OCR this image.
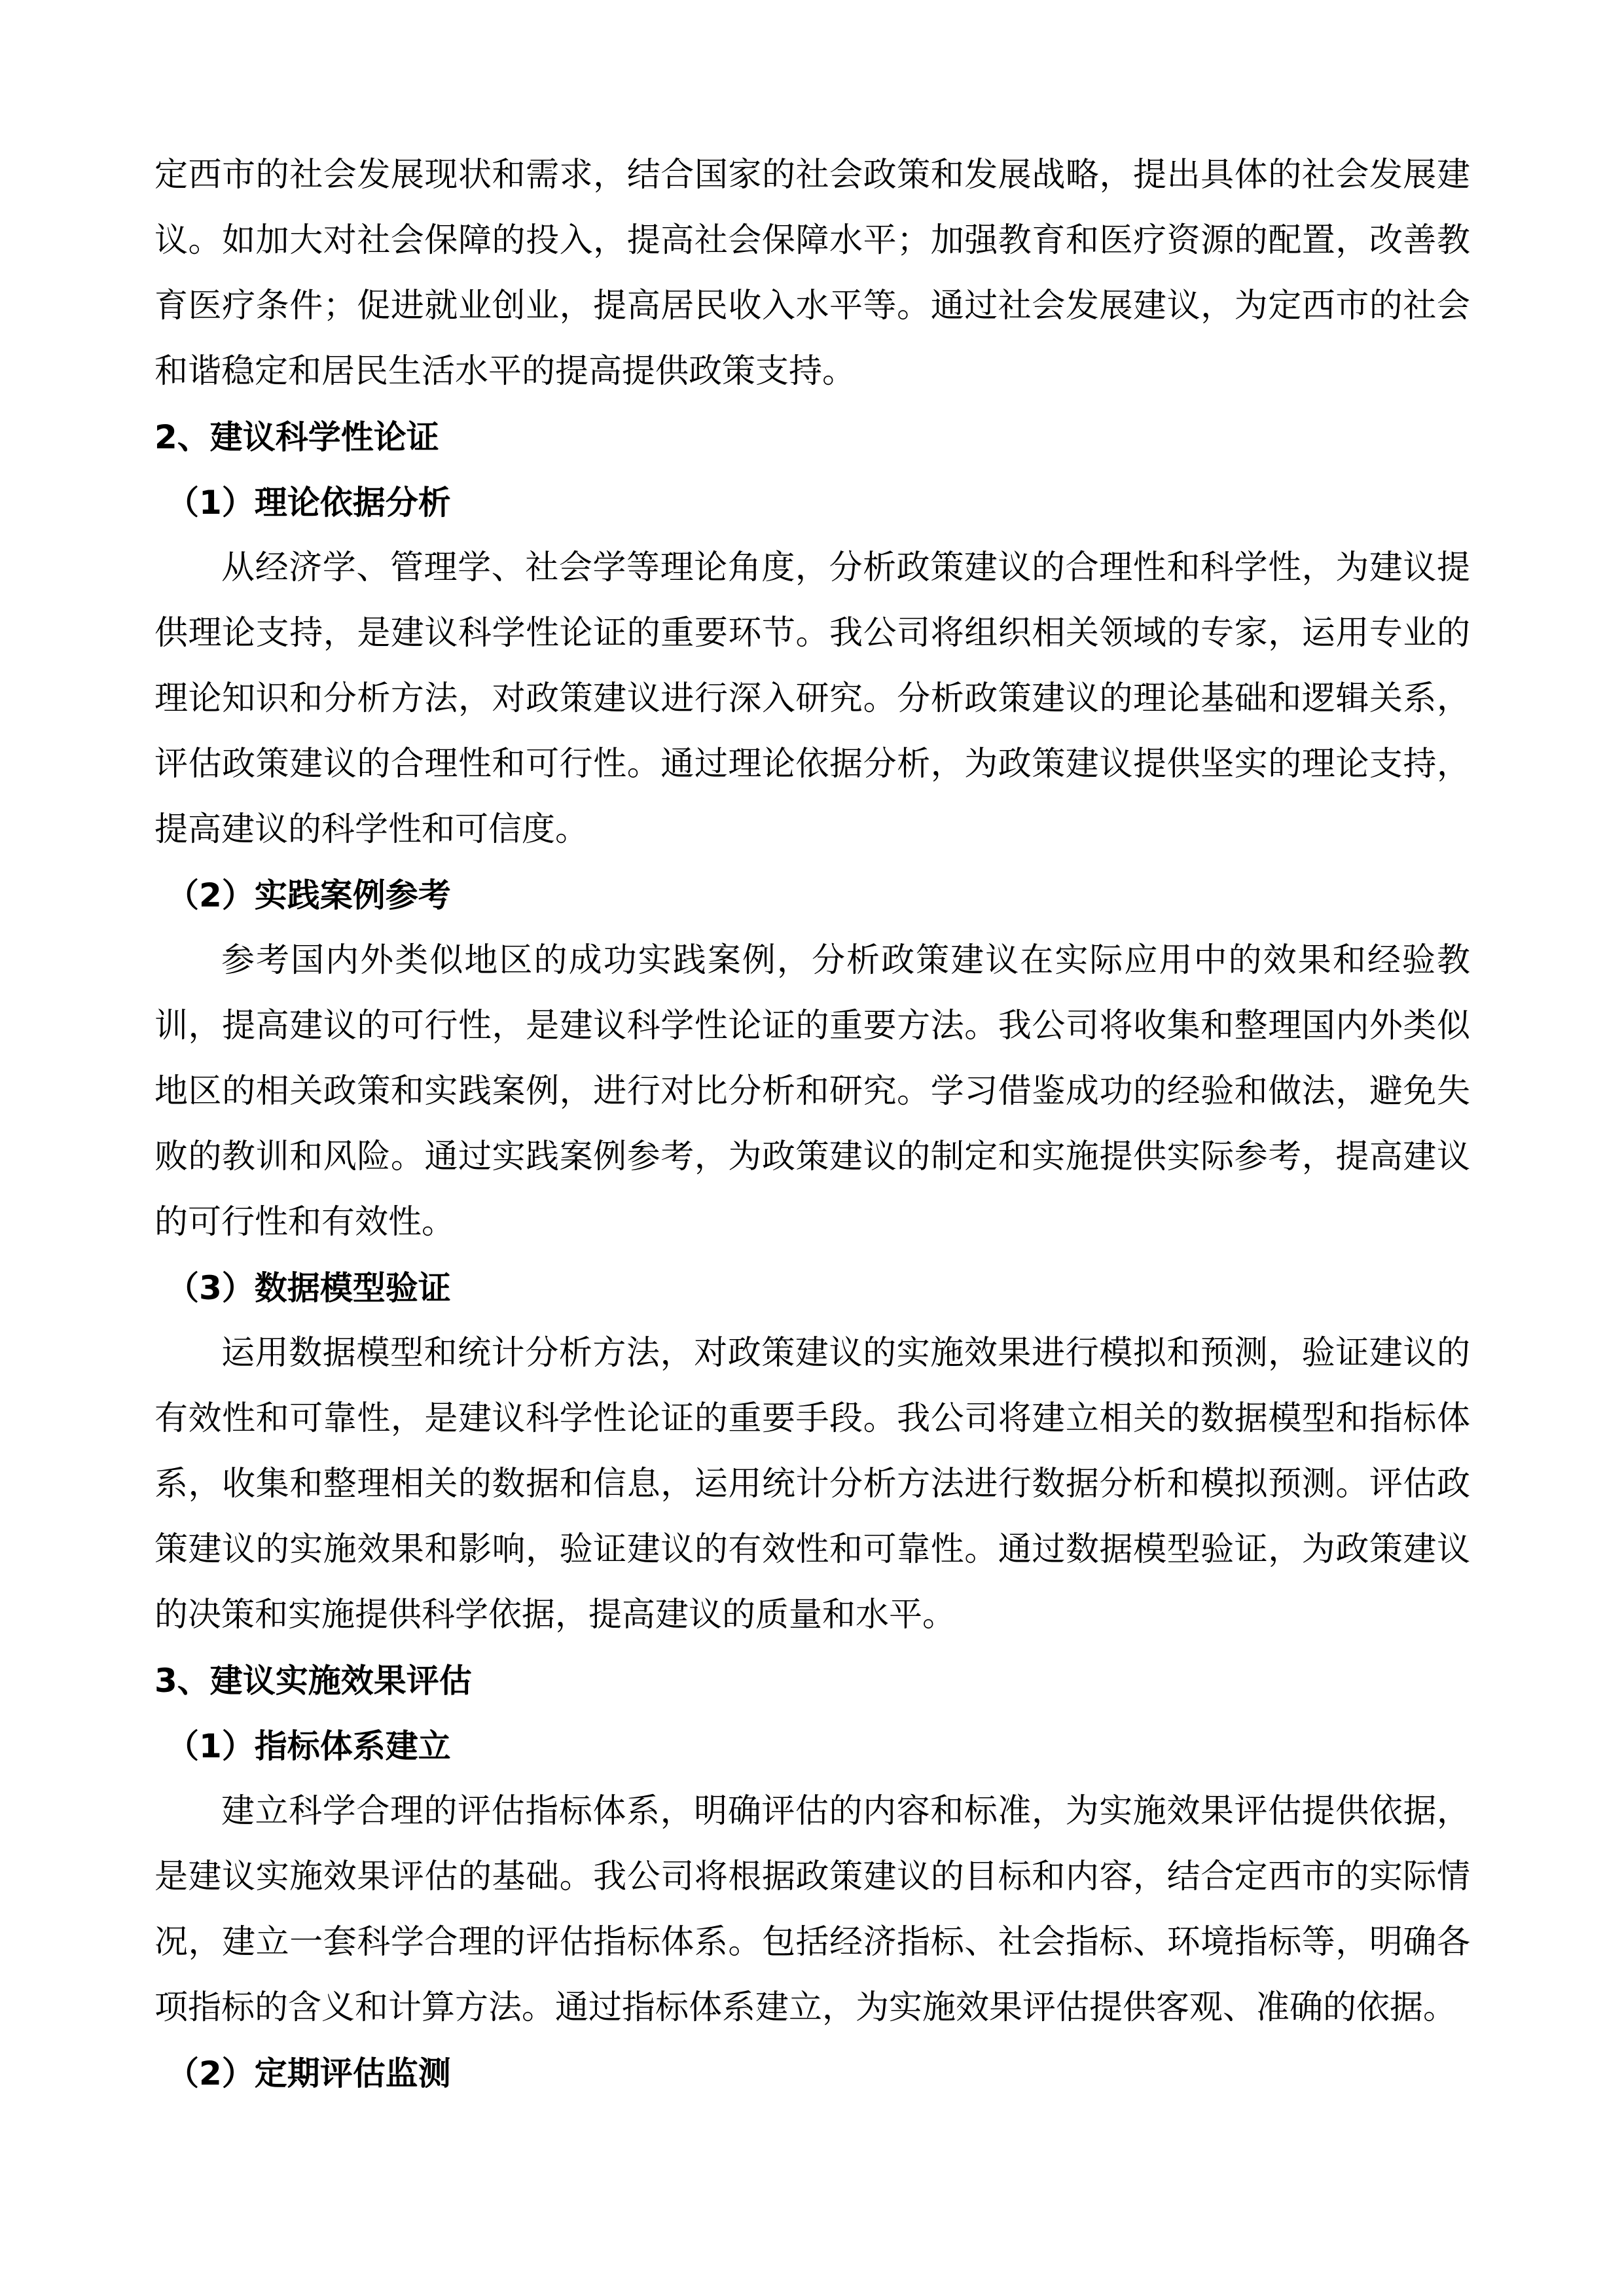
定西市的社会发展现状和需求，结合国家的社会政策和发展战略，提出具体的社会发展建议。如加大对社会保障的投入，提高社会保障水平；加强教育和医疗资源的配置，改善教育医疗条件；促进就业创业，提高居民收入水平等。通过社会发展建议，为定西市的社会和谐稳定和居民生活水平的提高提供政策支持。

2、建议科学性论证
（1）理论依据分析

从经济学、管理学、社会学等理论角度，分析政策建议的合理性和科学性，为建议提供理论支持，是建议科学性论证的重要环节。我公司将组织相关领域的专家，运用专业的理论知识和分析方法，对政策建议进行深入研究。分析政策建议的理论基础和逻辑关系，评估政策建议的合理性和可行性。通过理论依据分析，为政策建议提供坚实的理论支持，提高建议的科学性和可信度。

（2）实践案例参考

参考国内外类似地区的成功实践案例，分析政策建议在实际应用中的效果和经验教训，提高建议的可行性，是建议科学性论证的重要方法。我公司将收集和整理国内外类似地区的相关政策和实践案例，进行对比分析和研究。学习借鉴成功的经验和做法，避免失败的教训和风险。通过实践案例参考，为政策建议的制定和实施提供实际参考，提高建议的可行性和有效性。

（3）数据模型验证

运用数据模型和统计分析方法，对政策建议的实施效果进行模拟和预测，验证建议的有效性和可靠性，是建议科学性论证的重要手段。我公司将建立相关的数据模型和指标体系，收集和整理相关的数据和信息，运用统计分析方法进行数据分析和模拟预测。评估政策建议的实施效果和影响，验证建议的有效性和可靠性。通过数据模型验证，为政策建议的决策和实施提供科学依据，提高建议的质量和水平。

3、建议实施效果评估
（1）指标体系建立

建立科学合理的评估指标体系，明确评估的内容和标准，为实施效果评估提供依据，是建议实施效果评估的基础。我公司将根据政策建议的目标和内容，结合定西市的实际情况，建立一套科学合理的评估指标体系。包括经济指标、社会指标、环境指标等，明确各项指标的含义和计算方法。通过指标体系建立，为实施效果评估提供客观、准确的依据。

（2）定期评估监测
